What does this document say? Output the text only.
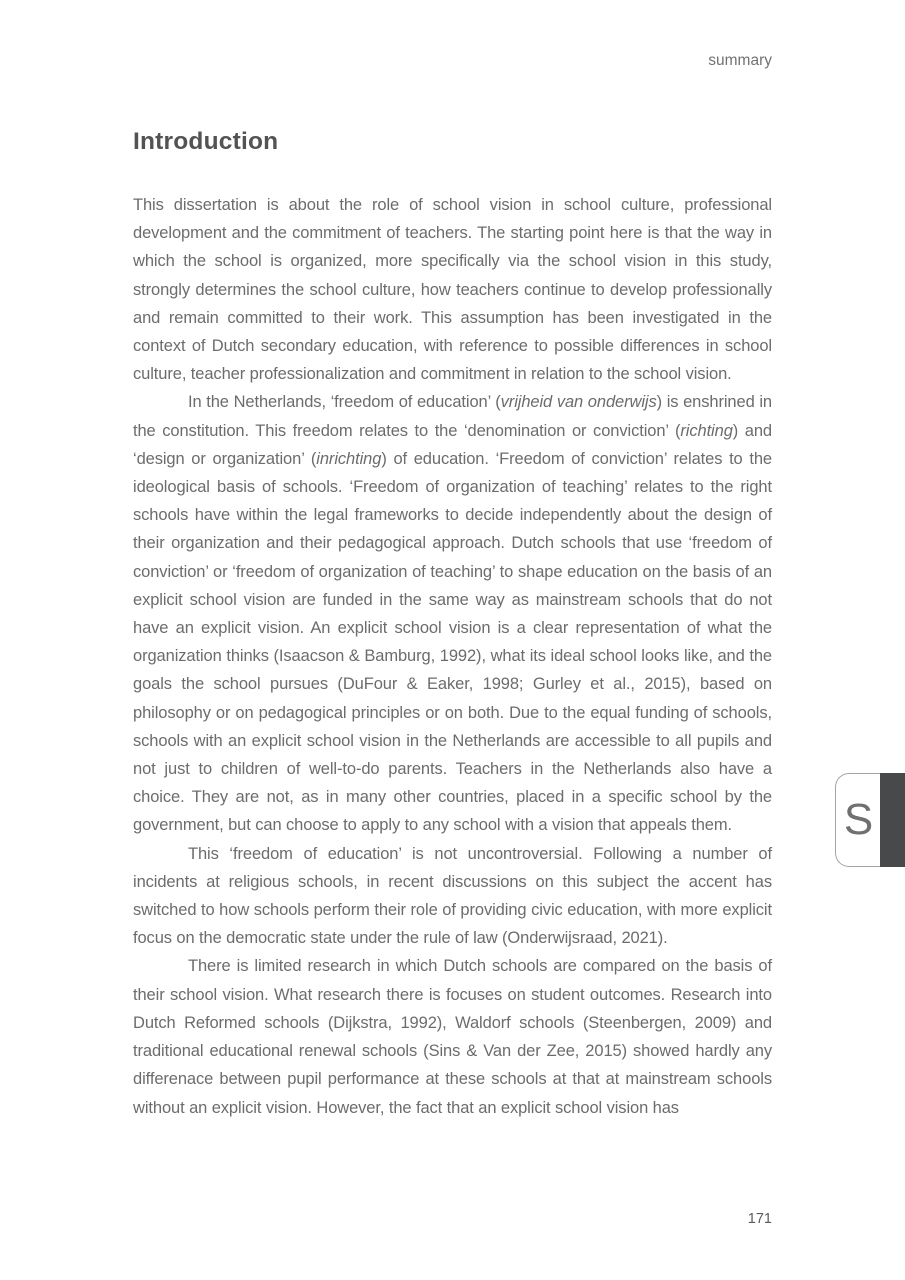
summary
Introduction

This dissertation is about the role of school vision in school culture, professional development and the commitment of teachers. The starting point here is that the way in which the school is organized, more specifically via the school vision in this study, strongly determines the school culture, how teachers continue to develop professionally and remain committed to their work. This assumption has been investigated in the context of Dutch secondary education, with reference to possible differences in school culture, teacher professionalization and commitment in relation to the school vision.

In the Netherlands, ‘freedom of education’ (vrijheid van onderwijs) is enshrined in the constitution. This freedom relates to the ‘denomination or conviction’ (richting) and ‘design or organization’ (inrichting) of education. ‘Freedom of conviction’ relates to the ideological basis of schools. ‘Freedom of organization of teaching’ relates to the right schools have within the legal frameworks to decide independently about the design of their organization and their pedagogical approach. Dutch schools that use ‘freedom of conviction’ or ‘freedom of organization of teaching’ to shape education on the basis of an explicit school vision are funded in the same way as mainstream schools that do not have an explicit vision. An explicit school vision is a clear representation of what the organization thinks (Isaacson & Bamburg, 1992), what its ideal school looks like, and the goals the school pursues (DuFour & Eaker, 1998; Gurley et al., 2015), based on philosophy or on pedagogical principles or on both. Due to the equal funding of schools, schools with an explicit school vision in the Netherlands are accessible to all pupils and not just to children of well-to-do parents. Teachers in the Netherlands also have a choice. They are not, as in many other countries, placed in a specific school by the government, but can choose to apply to any school with a vision that appeals them.

This ‘freedom of education’ is not uncontroversial. Following a number of incidents at religious schools, in recent discussions on this subject the accent has switched to how schools perform their role of providing civic education, with more explicit focus on the democratic state under the rule of law (Onderwijsraad, 2021).

There is limited research in which Dutch schools are compared on the basis of their school vision. What research there is focuses on student outcomes. Research into Dutch Reformed schools (Dijkstra, 1992), Waldorf schools (Steenbergen, 2009) and traditional educational renewal schools (Sins & Van der Zee, 2015) showed hardly any differenace between pupil performance at these schools at that at mainstream schools without an explicit vision. However, the fact that an explicit school vision has

S
171
